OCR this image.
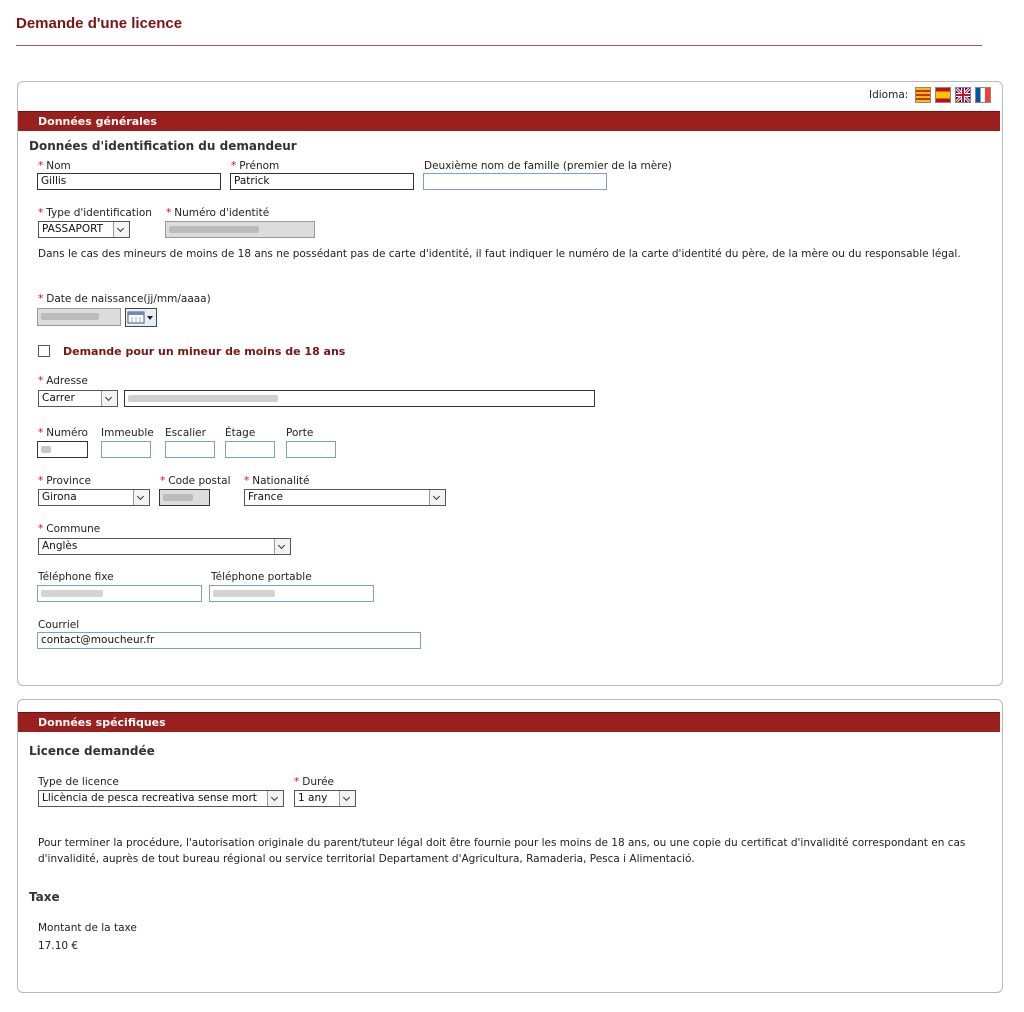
Demande d'une licence
Idioma:
Données générales
Données d'identification du demandeur
* Nom
Gillis
* Prénom
Patrick
Deuxième nom de famille (premier de la mère)
* Type d'identification
PASSAPORT
* Numéro d'identité
Dans le cas des mineurs de moins de 18 ans ne possédant pas de carte d'identité, il faut indiquer le numéro de la carte d'identité du père, de la mère ou du responsable légal.
* Date de naissance(jj/mm/aaaa)
Demande pour un mineur de moins de 18 ans
* Adresse
Carrer
* Numéro Immeuble Escalier Étage	Porte
* Province
Girona
* Code postal * Nationalité
France
* Commune
Anglès
Téléphone fixe	Téléphone portable
Courriel
contact@moucheur.fr
Données spécifiques
Licence demandée
Type de licence
Llicència de pesca recreativa sense mort
* Durée
1 any
Pour terminer la procédure, l'autorisation originale du parent/tuteur légal doit être fournie pour les moins de 18 ans, ou une copie du certificat d'invalidité correspondant en cas d'invalidité, auprès de tout bureau régional ou service territorial Departament d'Agricultura, Ramaderia, Pesca i Alimentació.
Taxe
Montant de la taxe
17.10 €
